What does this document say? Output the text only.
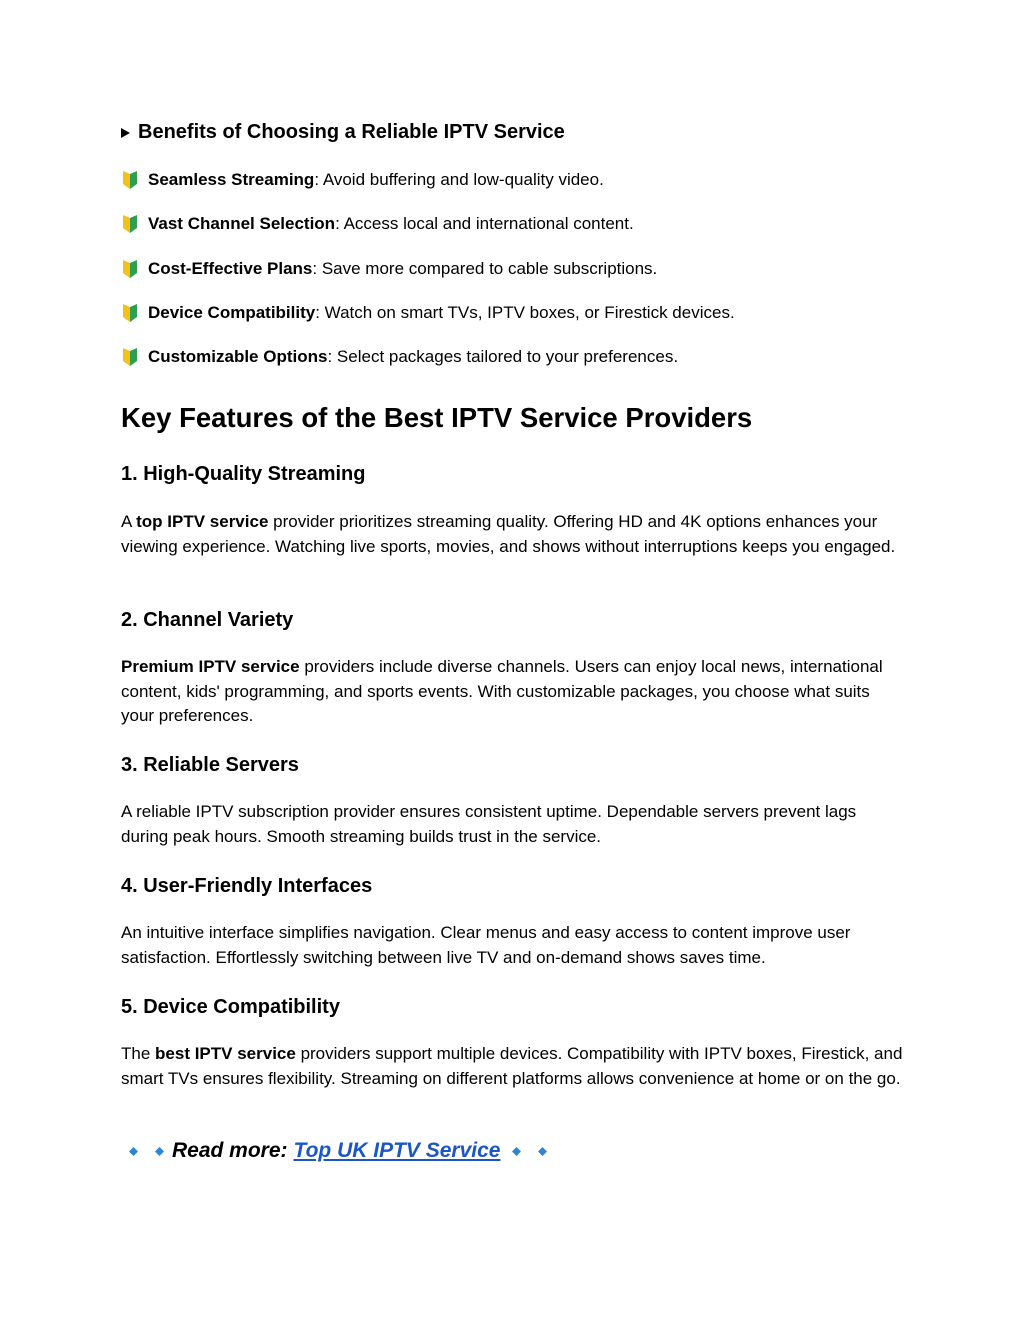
Benefits of Choosing a Reliable IPTV Service
Seamless Streaming : Avoid buffering and low-quality video.
Vast Channel Selection : Access local and international content.
Cost-Effective Plans : Save more compared to cable subscriptions.
Device Compatibility : Watch on smart TVs, IPTV boxes, or Firestick devices.
Customizable Options : Select packages tailored to your preferences.
Key Features of the Best IPTV Service Providers
1. High-Quality Streaming
A top IPTV service provider prioritizes streaming quality. Offering HD and 4K options enhances your viewing experience. Watching live sports, movies, and shows without interruptions keeps you engaged.
2. Channel Variety
Premium IPTV service providers include diverse channels. Users can enjoy local news, international content, kids' programming, and sports events. With customizable packages, you choose what suits your preferences.
3. Reliable Servers
A reliable IPTV subscription provider ensures consistent uptime. Dependable servers prevent lags during peak hours. Smooth streaming builds trust in the service.
4. User-Friendly Interfaces
An intuitive interface simplifies navigation. Clear menus and easy access to content improve user satisfaction. Effortlessly switching between live TV and on-demand shows saves time.
5. Device Compatibility
The best IPTV service providers support multiple devices. Compatibility with IPTV boxes, Firestick, and smart TVs ensures flexibility. Streaming on different platforms allows convenience at home or on the go.
Read more: Top UK IPTV Service
